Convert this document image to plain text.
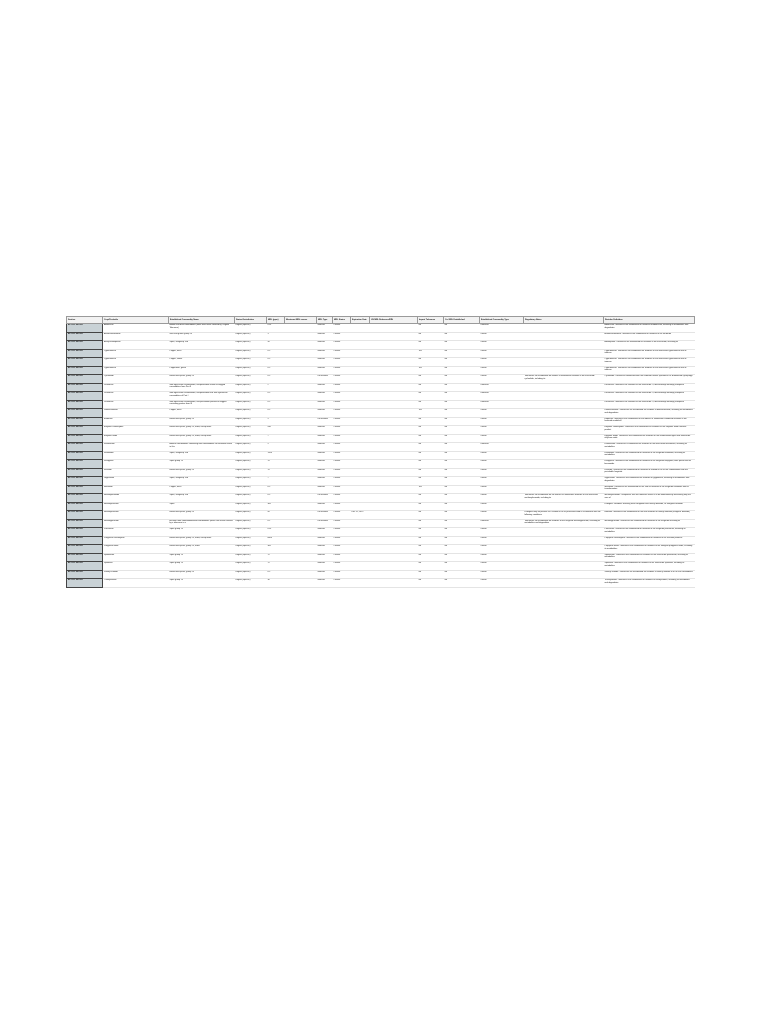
Section	Crop/Pesticide	Established Commodity Name	Status/Jurisdiction	MRL (ppm)	Maximum MRL source	MRL Type	MRL Status	Expiration Date	US MRL Reference/RIN	Import Tolerance	Ca. MRL Established	Established Commodity Type	Regulatory Notes	Residue Definition
40 CFR 180.xxx	Abamectin	Animal and dual commodities (other than those covered by Original Tolerance)	Region (specific)	0.01		Numeric	Current			No	No	Unofficial		Abamectin: Tolerances are established for residues of Abamectin, including its metabolites and degradates
40 CFR 180.xxx	Acetochlorfenidine	Nuts and grains group 20	Region (specific)	3		Numeric	Current			No	No	Official		Acetochlorfenidine: Tolerances are established for residues of the herbicide
40 CFR 180.xxx	Acetyl-aminopterin	Spice, subgroup 19B	Region (specific)	50		Numeric	Current			No	No	Official		Aminopterin: Tolerances are established for residues of the insecticide, including its
40 CFR 180.xxx	Cypermethrin	Pepper, fresh	Region (specific)	0.5		Numeric	Current			Yes	No	Official		Cypermethrin: Tolerances are established for residues of the insecticide cypermethrin and its isomers
40 CFR 180.xxx	Cypermethrin	Pepper, sweet	Region (specific)	0.5		Numeric	Current			No	No	Official		Cypermethrin: Tolerances are established for residues of the insecticide cypermethrin and its isomers
40 CFR 180.xxx	Cypermethrin	Peppermint, green	Region (specific)	0.5		Numeric	Current			Yes	No	Official		Cypermethrin: Tolerances are established for residues of the insecticide cypermethrin and its isomers
40 CFR 180.xxx	Cyclanilide	Herbs and spices, group 19	Region (specific)	0.5		Un-Numeric	Current			No	No	Official	Tolerances are established for indirect or inadvertent residues of the insecticide cyclanilide, including its	Cyclanilide: Tolerances established with the herbicide results specified in its Brominated cyclopropyl
40 CFR 180.xxx	Dichlorvos	Non-agricultural commodities, nonperishable animal or bagged commodities from Part II	Region (specific)	2		Numeric	Current			No	No	Unofficial		Dichlorvos: Tolerances for residues of the insecticide 2,2-dichlorovinyl dimethyl phosphate
40 CFR 180.xxx	Dichlorvos	Non-agricultural commodities, nonperishable bulk raw agricultural commodities of Part I	Region (specific)	0.5		Numeric	Current			No	No	Unofficial		Dichlorvos: Tolerances for residues of the insecticide 2,2-dichlorovinyl dimethyl phosphate
40 CFR 180.xxx	Dichlorvos	Non-agricultural commodities, non-perishable packed or bagged containing portion from III	Region (specific)	0.5		Numeric	Current			No	No	Unofficial		Dichlorvos: Tolerances for residues of the insecticide 2,2-dichlorovinyl dimethyl phosphate
40 CFR 180.xxx	Difenoconazole	Pepper, fresh	Region (specific)	0.5		Numeric	Current			Yes	No	Official		Difenoconazole: Tolerances are established for residues of difenoconazole, including its metabolites and degradates
40 CFR 180.xxx	Endothall	Herbs and spices, group 19	Region (specific)	5		Un-Numeric	Current			No	No	Official		Endothall: Tolerances are established for the indirect or inadvertent combined residues of the herbicide endothall
40 CFR 180.xxx	Ethylene chlorohydrin	Herbs and spices, group 19, dried, except basil	Region (specific)	940		Numeric	Current			No	No	Official		Ethylene chlorohydrin: Tolerances are established for residues of the ethylene oxide reaction product
40 CFR 180.xxx	Ethylene oxide	Herbs and spices, group 19, dried, except basil	Region (specific)	7		Numeric	Current			No	No	Official		Ethylene oxide: Tolerances are established for residues of the antimicrobial agent and insecticide ethylene oxide
40 CFR 180.xxx	Fenitrothion	Artificial commodities containing food commodities not otherwise listed in this	Region (specific)	5		Numeric	Current			No	No	Unofficial		Fenitrothion: Tolerances is established for residues of the insecticide fenitrothion, including its metabolites
40 CFR 180.xxx	Fludioxonil	Spice, subgroup 19B	Region (specific)	1500		Numeric	Current			No	No	Official		Fludioxonil: Tolerances are established for residues of the fungicide fludioxonil, including its metabolites
40 CFR 180.xxx	Fluopyram	Spice group 19	Region (specific)	70		Numeric	Current			No	No	Official		Fluopyram: Tolerances are established for residues of the fungicide fluopyram, both parent and its benzamide
40 CFR 180.xxx	Fluoxide	Herbs and spices, group 19	Region (specific)	70		Numeric	Current			No	No	Official		Fluoxide: Tolerances are established for residues of fluoxide in or on the commodities from the perishable fungicide
40 CFR 180.xxx	Glyphosate	Spice, subgroup 19B	Region (specific)	7		Numeric	Current			No	No	Official		Glyphosate: Tolerances are established for residues of glyphosate, including its metabolites and degradates
40 CFR 180.xxx	Malathion	Pepper, fresh	Region (specific)	0.5		Numeric	Current			Yes	No	Official		Malathion: Tolerances are established for the sum of residues of the fungicide malathion and its transformation
40 CFR 180.xxx	Methoxyfenozide	Spice, subgroup 19B	Region (specific)	0.5		Un-Numeric	Current			No	No	Official	Tolerances are established for the indirect or inadvertent residues of the insecticide methoxyfenozide, including its	Methoxyfenozide: Compliance with the tolerance levels is to be determined by measuring only the sum of
40 CFR 180.xxx	Methoxychlorine	Spice	Region (specific)	300		Numeric	Current			No	No	Official		Fumigant: Residues resulting from fumigation with methyl bromide, as inorganic bromide
40 CFR 180.xxx	Methoxychlorine	Herbs and spices, group 19	Region (specific)	90		Un-Numeric	Current	Dec 31, 2025		No	No	Official	Fumigant may be present as a residue in or on processed food in accordance with the following conditions	Bromide: Tolerances are established for the total residues of methyl bromide (inorganic bromide)
40 CFR 180.xxx	Methoxyproclide	All other food commodities/food commodities (other than those covered by a tolerance in a	Region (specific)	0.2		Un-Numeric	Current			No	No	Unofficial	Tolerances are established for residues of the fungicide methoxyproclide, including its metabolites and degradates	Methoxyproclide: Tolerances are established for residues of the fungicide including its
40 CFR 180.xxx	Prochloraz	Spice group 19	Region (specific)	0.01		Numeric	Current			No	No	Official		Prochloraz: Tolerances are established for residues of the fungicide prochloraz, including its metabolites
40 CFR 180.xxx	Propylene chlorohydrin	Herbs and spices, group 19, dried, except basil	Region (specific)	6800		Numeric	Current			No	No	Official		Propylene chlorohydrin: Tolerances are established for residues of the reaction products
40 CFR 180.xxx	Propylene oxide	Herbs and spices, group 19, dried	Region (specific)	300		Numeric	Current			No	No	Official		Propylene oxide: Tolerances are established for residues of the fumigant propylene oxide, including its metabolites
40 CFR 180.xxx	Spinetoram	Spice group 19	Region (specific)	1.7		Numeric	Current			No	No	Official		Spinetoram: Tolerances are established for residues of the insecticide spinetoram, including its metabolites
40 CFR 180.xxx	Spinosad	Spice group 19	Region (specific)	1.7		Numeric	Current			No	No	Official		Spinosad: Tolerances are established for residues of the insecticide spinosad, including its metabolites
40 CFR 180.xxx	Sulfuryl fluoride	Herbs and spices, group 19	Region (specific)	0.5		Numeric	Current			No	No	Official		Sulfuryl fluoride: Tolerances are established for residues of sulfuryl fluoride in or on the commodities
40 CFR 180.xxx	Trifloxystrobin	Spice group 19	Region (specific)	30		Numeric	Current			No	No	Official		Trifloxystrobin: Tolerances are established for residues of trifloxystrobin, including its metabolites and degradates
